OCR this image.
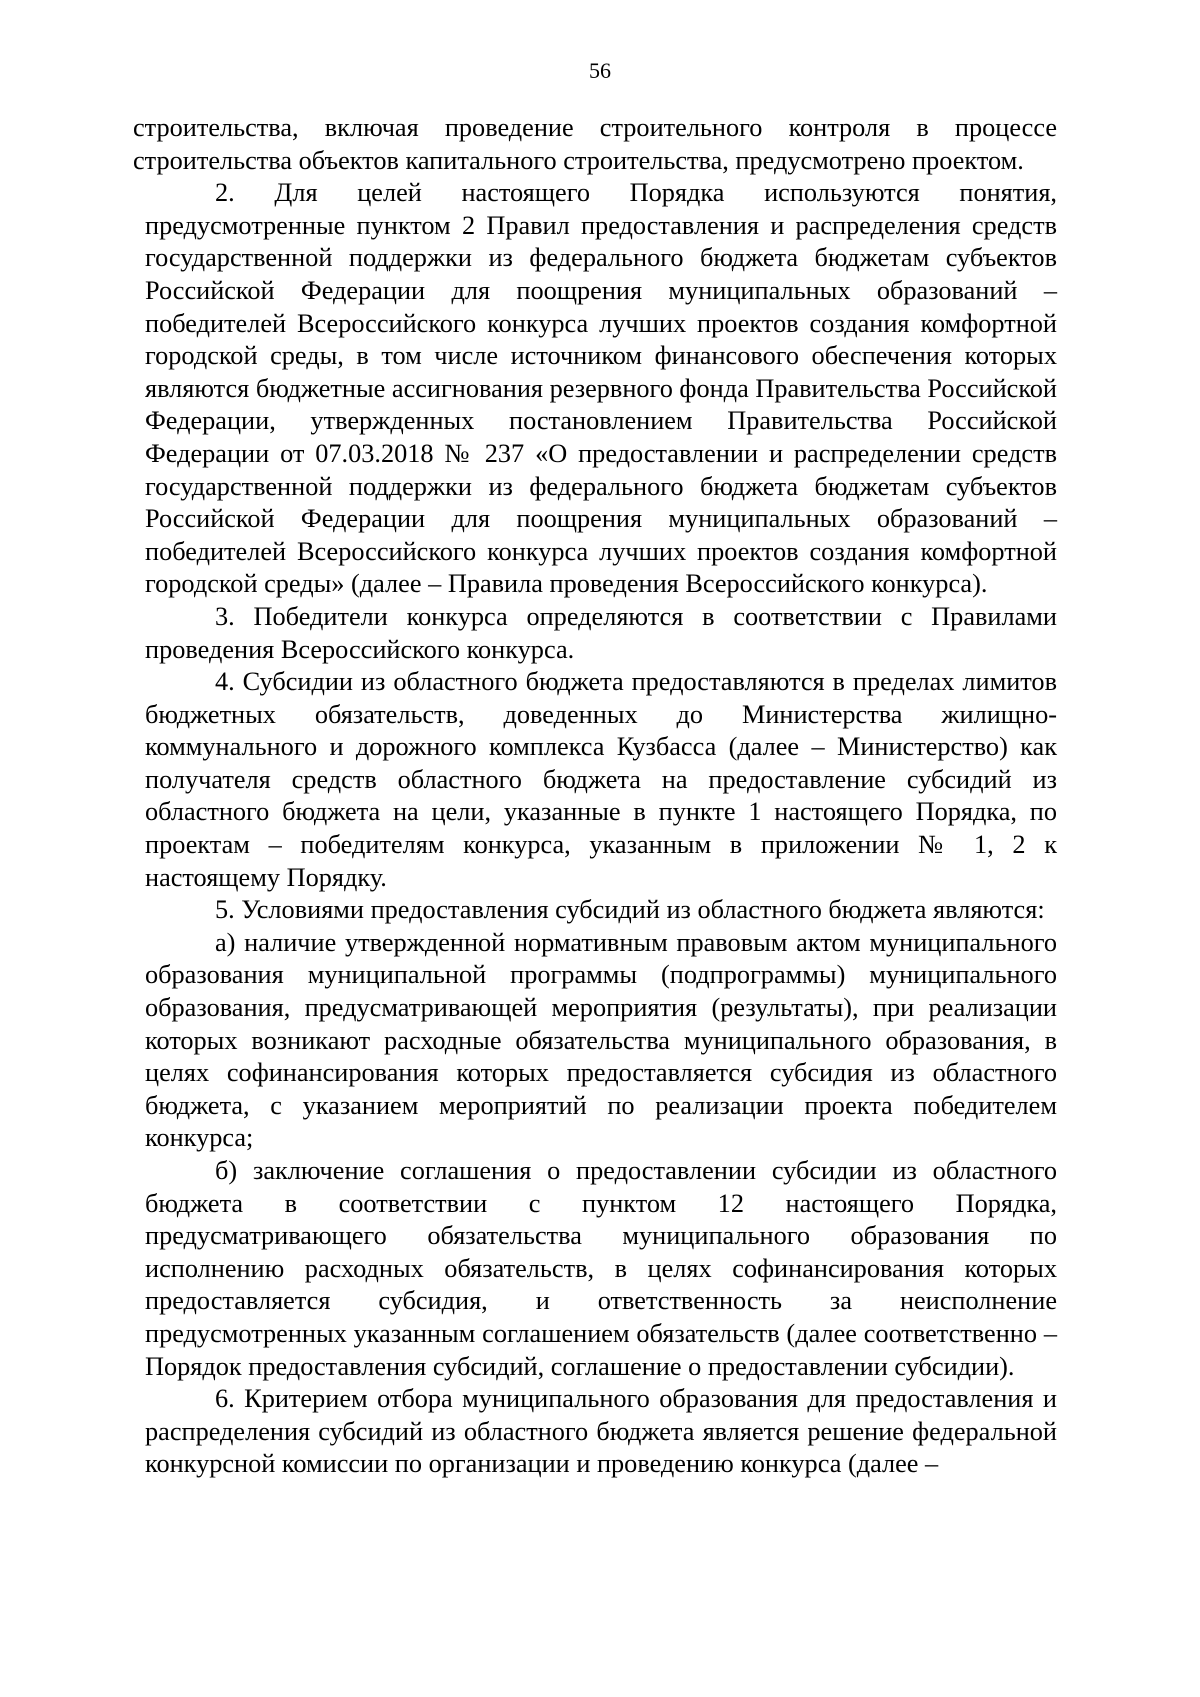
56

строительства, включая проведение строительного контроля в процессе строительства объектов капитального строительства, предусмотрено проектом.

2. Для целей настоящего Порядка используются понятия, предусмотренные пунктом 2 Правил предоставления и распределения средств государственной поддержки из федерального бюджета бюджетам субъектов Российской Федерации для поощрения муниципальных образований – победителей Всероссийского конкурса лучших проектов создания комфортной городской среды, в том числе источником финансового обеспечения которых являются бюджетные ассигнования резервного фонда Правительства Российской Федерации, утвержденных постановлением Правительства Российской Федерации от 07.03.2018 № 237 «О предоставлении и распределении средств государственной поддержки из федерального бюджета бюджетам субъектов Российской Федерации для поощрения муниципальных образований – победителей Всероссийского конкурса лучших проектов создания комфортной городской среды» (далее – Правила проведения Всероссийского конкурса).

3. Победители конкурса определяются в соответствии с Правилами проведения Всероссийского конкурса.

4. Субсидии из областного бюджета предоставляются в пределах лимитов бюджетных обязательств, доведенных до Министерства жилищно-коммунального и дорожного комплекса Кузбасса (далее – Министерство) как получателя средств областного бюджета на предоставление субсидий из областного бюджета на цели, указанные в пункте 1 настоящего Порядка, по проектам – победителям конкурса, указанным в приложении № 1, 2 к настоящему Порядку.

5. Условиями предоставления субсидий из областного бюджета являются:

а) наличие утвержденной нормативным правовым актом муниципального образования муниципальной программы (подпрограммы) муниципального образования, предусматривающей мероприятия (результаты), при реализации которых возникают расходные обязательства муниципального образования, в целях софинансирования которых предоставляется субсидия из областного бюджета, с указанием мероприятий по реализации проекта победителем конкурса;

б) заключение соглашения о предоставлении субсидии из областного бюджета в соответствии с пунктом 12 настоящего Порядка, предусматривающего обязательства муниципального образования по исполнению расходных обязательств, в целях софинансирования которых предоставляется субсидия, и ответственность за неисполнение предусмотренных указанным соглашением обязательств (далее соответственно – Порядок предоставления субсидий, соглашение о предоставлении субсидии).

6. Критерием отбора муниципального образования для предоставления и распределения субсидий из областного бюджета является решение федеральной конкурсной комиссии по организации и проведению конкурса (далее –
